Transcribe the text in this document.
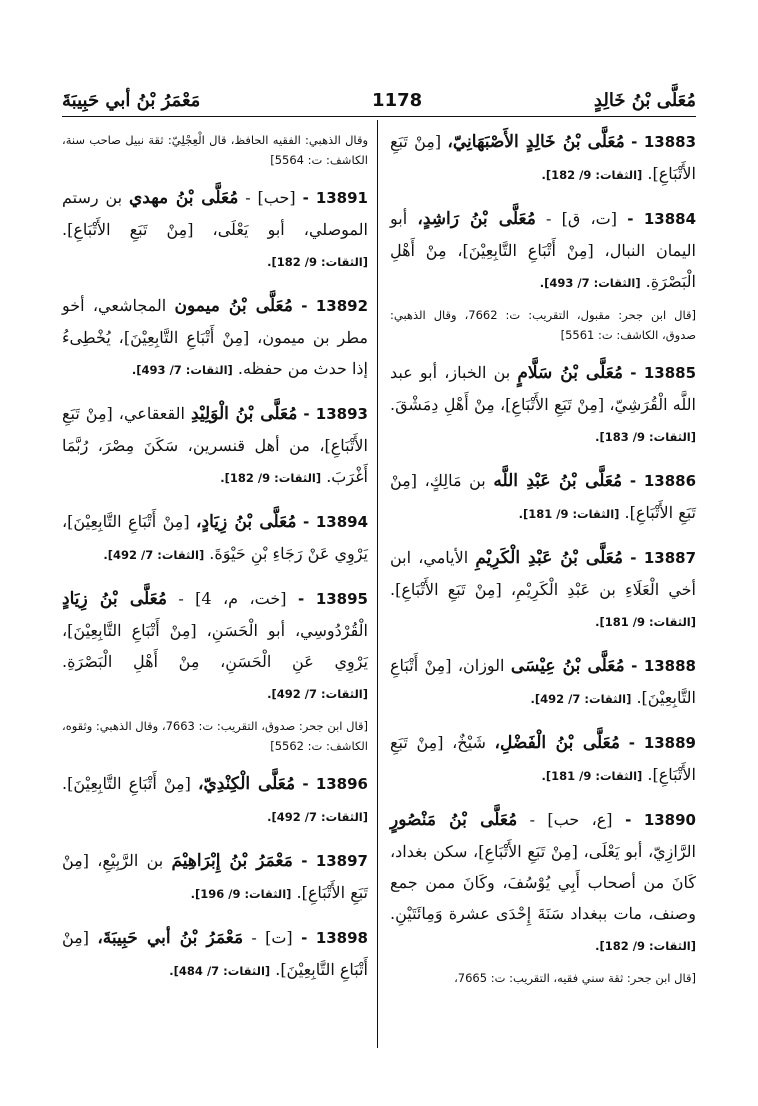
مُعَلَّى بْنُ خَالِدٍ
1178
مَعْمَرُ بْنُ أبي حَبِيبَةَ

13883 - مُعَلَّى بْنُ خَالِدٍ الأَصْبَهَانِيّ، [مِنْ تَبَعِ الأَتْبَاعِ]. [الثقات: 9/ 182].

13884 - [ت، ق] - مُعَلَّى بْنُ رَاشِدٍ، أبو اليمان النبال، [مِنْ أَتْبَاعِ التَّابِعِيْنَ]، مِنْ أَهْلِ الْبَصْرَةِ. [الثقات: 7/ 493].

[قال ابن جحر: مقبول، التقريب: ت: 7662، وقال الذهبي: صدوق، الكاشف: ت: 5561]

13885 - مُعَلَّى بْنُ سَلَّامٍ بن الخباز، أبو عبد اللَّه الْقُرَشِيّ، [مِنْ تَبَعِ الأَتْبَاعِ]، مِنْ أَهْلِ دِمَشْقَ. [الثقات: 9/ 183].

13886 - مُعَلَّى بْنُ عَبْدِ اللَّه بن مَالِكٍ، [مِنْ تَبَعِ الأَتْبَاعِ]. [الثقات: 9/ 181].

13887 - مُعَلَّى بْنُ عَبْدِ الْكَرِيْمِ الأيامي، ابن أخي الْعَلَاءِ بن عَبْدِ الْكَرِيْمِ، [مِنْ تَبَعِ الأَتْبَاعِ]. [الثقات: 9/ 181].

13888 - مُعَلَّى بْنُ عِيْسَى الوزان، [مِنْ أَتْبَاعِ التَّابِعِيْنَ]. [الثقات: 7/ 492].

13889 - مُعَلَّى بْنُ الْفَضْلِ، شَيْخٌ، [مِنْ تَبَعِ الأَتْبَاعِ]. [الثقات: 9/ 181].

13890 - [ع، حب] - مُعَلَّى بْنُ مَنْصُورٍ الرَّازِيّ، أبو يَعْلَى، [مِنْ تَبَعِ الأَتْبَاعِ]، سكن بغداد، كَانَ من أصحاب أَبِي يُوْسُفَ، وكَانَ ممن جمع وصنف، مات ببغداد سَنَةَ إِحْدَى عشرة وَمِائَتَيْنِ. [الثقات: 9/ 182].

[قال ابن جحر: ثقة سني فقيه، التقريب: ت: 7665،

وقال الذهبي: الفقيه الحافظ، قال الْعِجْلِيّ: ثقة نبيل صاحب سنة، الكاشف: ت: 5564]

13891 - [حب] - مُعَلَّى بْنُ مهدي بن رستم الموصلي، أبو يَعْلَى، [مِنْ تَبَعِ الأَتْبَاعِ]. [الثقات: 9/ 182].

13892 - مُعَلَّى بْنُ ميمون المجاشعي، أخو مطر بن ميمون، [مِنْ أَتْبَاعِ التَّابِعِيْنَ]، يُخْطِىءُ إذا حدث من حفظه. [الثقات: 7/ 493].

13893 - مُعَلَّى بْنُ الْوَلِيْدِ القعقاعي، [مِنْ تَبَعِ الأَتْبَاعِ]، من أهل قنسرين، سَكَنَ مِصْرَ، رُبَّمَا أَغْرَبَ. [الثقات: 9/ 182].

13894 - مُعَلَّى بْنُ زِيَادٍ، [مِنْ أَتْبَاعِ التَّابِعِيْنَ]، يَرْوِي عَنْ رَجَاءِ بْنِ حَيْوَةَ. [الثقات: 7/ 492].

13895 - [خت، م، 4] - مُعَلَّى بْنُ زِيَادٍ الْقُرْدُوسِي، أبو الْحَسَنِ، [مِنْ أَتْبَاعِ التَّابِعِيْنَ]، يَرْوِي عَنِ الْحَسَنِ، مِنْ أَهْلِ الْبَصْرَةِ. [الثقات: 7/ 492].

[قال ابن جحر: صدوق، التقريب: ت: 7663، وقال الذهبي: وثقوه، الكاشف: ت: 5562]

13896 - مُعَلَّى الْكِنْدِيّ، [مِنْ أَتْبَاعِ التَّابِعِيْنَ]. [الثقات: 7/ 492].

13897 - مَعْمَرُ بْنُ إِبْرَاهِيْمَ بن الرَّبِيْعِ، [مِنْ تَبَعِ الأَتْبَاعِ]. [الثقات: 9/ 196].

13898 - [ت] - مَعْمَرُ بْنُ أبي حَبِيبَةَ، [مِنْ أَتْبَاعِ التَّابِعِيْنَ]. [الثقات: 7/ 484].
